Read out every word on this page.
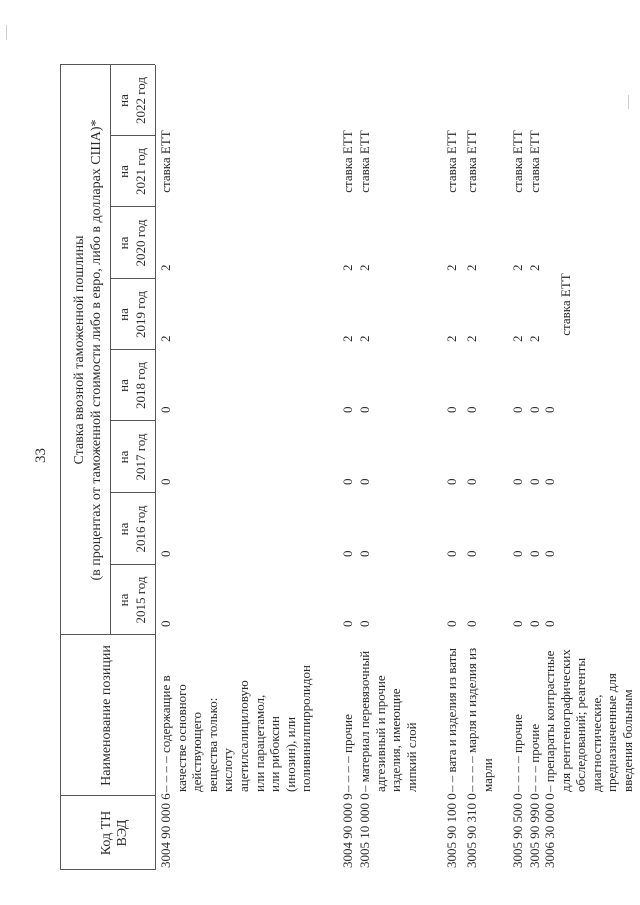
33
Код ТН ВЭД
Наименование позиции
Ставка ввозной таможенной пошлины (в процентах от таможенной стоимости либо в евро, либо в долларах США)*
на 2015 год
на 2016 год
на 2017 год
на 2018 год
на 2019 год
на 2020 год
на 2021 год
на 2022 год
3004 90 000 6
– – – – содержащие в качестве основного действующего вещества только: кислоту ацетилсалициловую или парацетамол, или рибоксин (инозин), или поливинилпирролидон
0
0
0
0
2
2
ставка ЕТТ
3004 90 000 9
– – – – прочие
0
0
0
0
2
2
ставка ЕТТ
3005 10 000 0
– материал перевязочный адгезивный и прочие изделия, имеющие липкий слой
0
0
0
0
2
2
ставка ЕТТ
3005 90 100 0
– – вата и изделия из ваты
0
0
0
0
2
2
ставка ЕТТ
3005 90 310 0
– – – – марля и изделия из марли
0
0
0
0
2
2
ставка ЕТТ
3005 90 500 0
– – – – прочие
0
0
0
0
2
2
ставка ЕТТ
3005 90 990 0
– – – прочие
0
0
0
0
2
2
ставка ЕТТ
3006 30 000 0
– препараты контрастные для рентгенографических обследований; реагенты диагностические, предназначенные для введения больным
0
0
0
0
ставка ЕТТ
